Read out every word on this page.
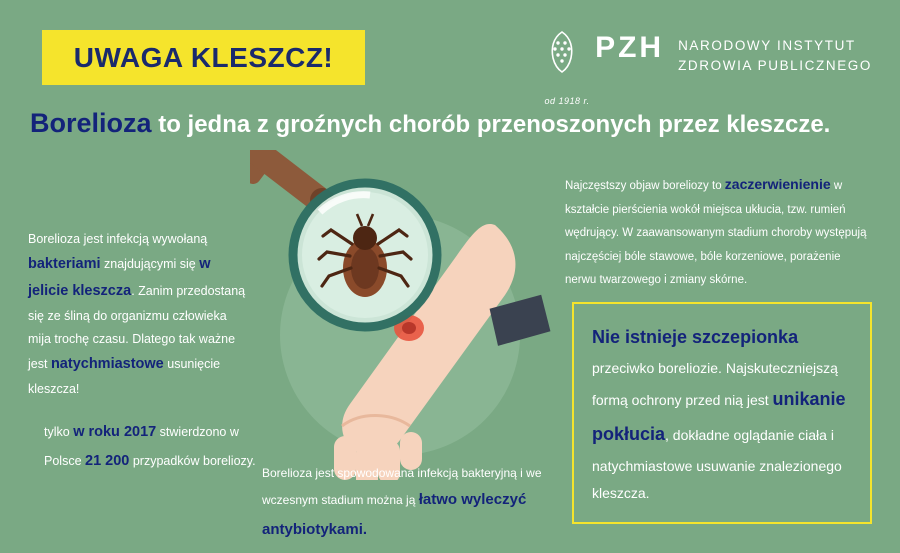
UWAGA KLESZCZ!
od 1918 r.
PZH NARODOWY INSTYTUT
ZDROWIA PUBLICZNEGO
Borelioza to jedna z groźnych chorób przenoszonych przez kleszcze.
Borelioza jest infekcją wywołaną bakteriami znajdującymi się w jelicie kleszcza. Zanim przedostaną się ze śliną do organizmu człowieka mija trochę czasu. Dlatego tak ważne jest natychmiastowe usunięcie kleszcza!
tylko w roku 2017 stwierdzono w Polsce 21 200 przypadków boreliozy.
Borelioza jest spowodowana infekcją bakteryjną i we wczesnym stadium można ją łatwo wyleczyć antybiotykami.
Najczęstszy objaw boreliozy to zaczerwienienie w kształcie pierścienia wokół miejsca ukłucia, tzw. rumień wędrujący. W zaawansowanym stadium choroby występują najczęściej bóle stawowe, bóle korzeniowe, porażenie nerwu twarzowego i zmiany skórne.
Nie istnieje szczepionka przeciwko boreliozie. Najskuteczniejszą formą ochrony przed nią jest unikanie pokłucia, dokładne oglądanie ciała i natychmiastowe usuwanie znalezionego kleszcza.
